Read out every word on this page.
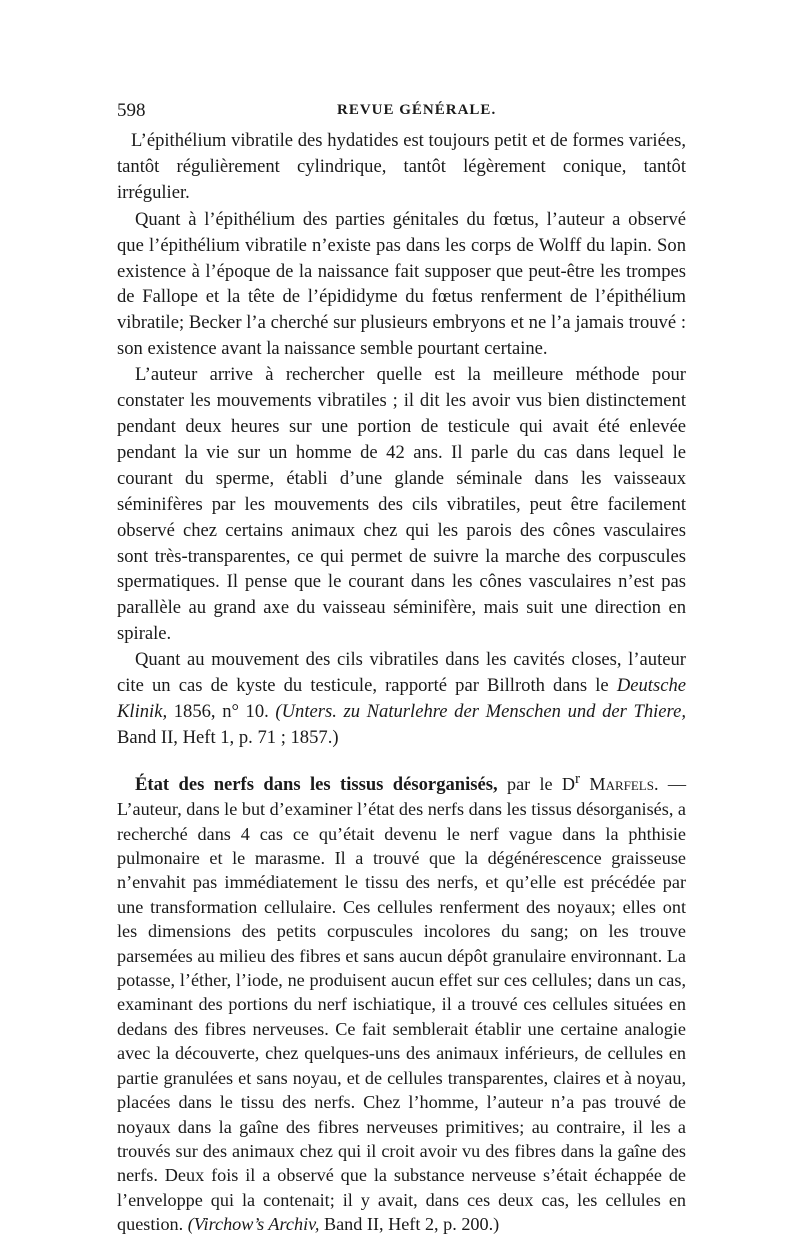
598	REVUE GÉNÉRALE.

L’épithélium vibratile des hydatides est toujours petit et de formes variées, tantôt régulièrement cylindrique, tantôt légèrement conique, tantôt irrégulier.

Quant à l’épithélium des parties génitales du fœtus, l’auteur a observé que l’épithélium vibratile n’existe pas dans les corps de Wolff du lapin. Son existence à l’époque de la naissance fait supposer que peut-être les trompes de Fallope et la tête de l’épididyme du fœtus renferment de l’épithélium vibratile; Becker l’a cherché sur plusieurs embryons et ne l’a jamais trouvé : son existence avant la naissance semble pourtant certaine.

L’auteur arrive à rechercher quelle est la meilleure méthode pour constater les mouvements vibratiles ; il dit les avoir vus bien distinctement pendant deux heures sur une portion de testicule qui avait été enlevée pendant la vie sur un homme de 42 ans. Il parle du cas dans lequel le courant du sperme, établi d’une glande séminale dans les vaisseaux séminifères par les mouvements des cils vibratiles, peut être facilement observé chez certains animaux chez qui les parois des cônes vasculaires sont très-transparentes, ce qui permet de suivre la marche des corpuscules spermatiques. Il pense que le courant dans les cônes vasculaires n’est pas parallèle au grand axe du vaisseau séminifère, mais suit une direction en spirale.

Quant au mouvement des cils vibratiles dans les cavités closes, l’auteur cite un cas de kyste du testicule, rapporté par Billroth dans le Deutsche Klinik, 1856, n° 10. (Unters. zu Naturlehre der Menschen und der Thiere, Band II, Heft 1, p. 71 ; 1857.)

État des nerfs dans les tissus désorganisés, par le $D^r$ Marfels. — L’auteur, dans le but d’examiner l’état des nerfs dans les tissus désorganisés, a recherché dans 4 cas ce qu’était devenu le nerf vague dans la phthisie pulmonaire et le marasme. Il a trouvé que la dégénérescence graisseuse n’envahit pas immédiatement le tissu des nerfs, et qu’elle est précédée par une transformation cellulaire. Ces cellules renferment des noyaux; elles ont les dimensions des petits corpuscules incolores du sang; on les trouve parsemées au milieu des fibres et sans aucun dépôt granulaire environnant. La potasse, l’éther, l’iode, ne produisent aucun effet sur ces cellules; dans un cas, examinant des portions du nerf ischiatique, il a trouvé ces cellules situées en dedans des fibres nerveuses. Ce fait semblerait établir une certaine analogie avec la découverte, chez quelques-uns des animaux inférieurs, de cellules en partie granulées et sans noyau, et de cellules transparentes, claires et à noyau, placées dans le tissu des nerfs. Chez l’homme, l’auteur n’a pas trouvé de noyaux dans la gaîne des fibres nerveuses primitives; au contraire, il les a trouvés sur des animaux chez qui il croit avoir vu des fibres dans la gaîne des nerfs. Deux fois il a observé que la substance nerveuse s’était échappée de l’enveloppe qui la contenait; il y avait, dans ces deux cas, les cellules en question. (Virchow’s Archiv, Band II, Heft 2, p. 200.)
